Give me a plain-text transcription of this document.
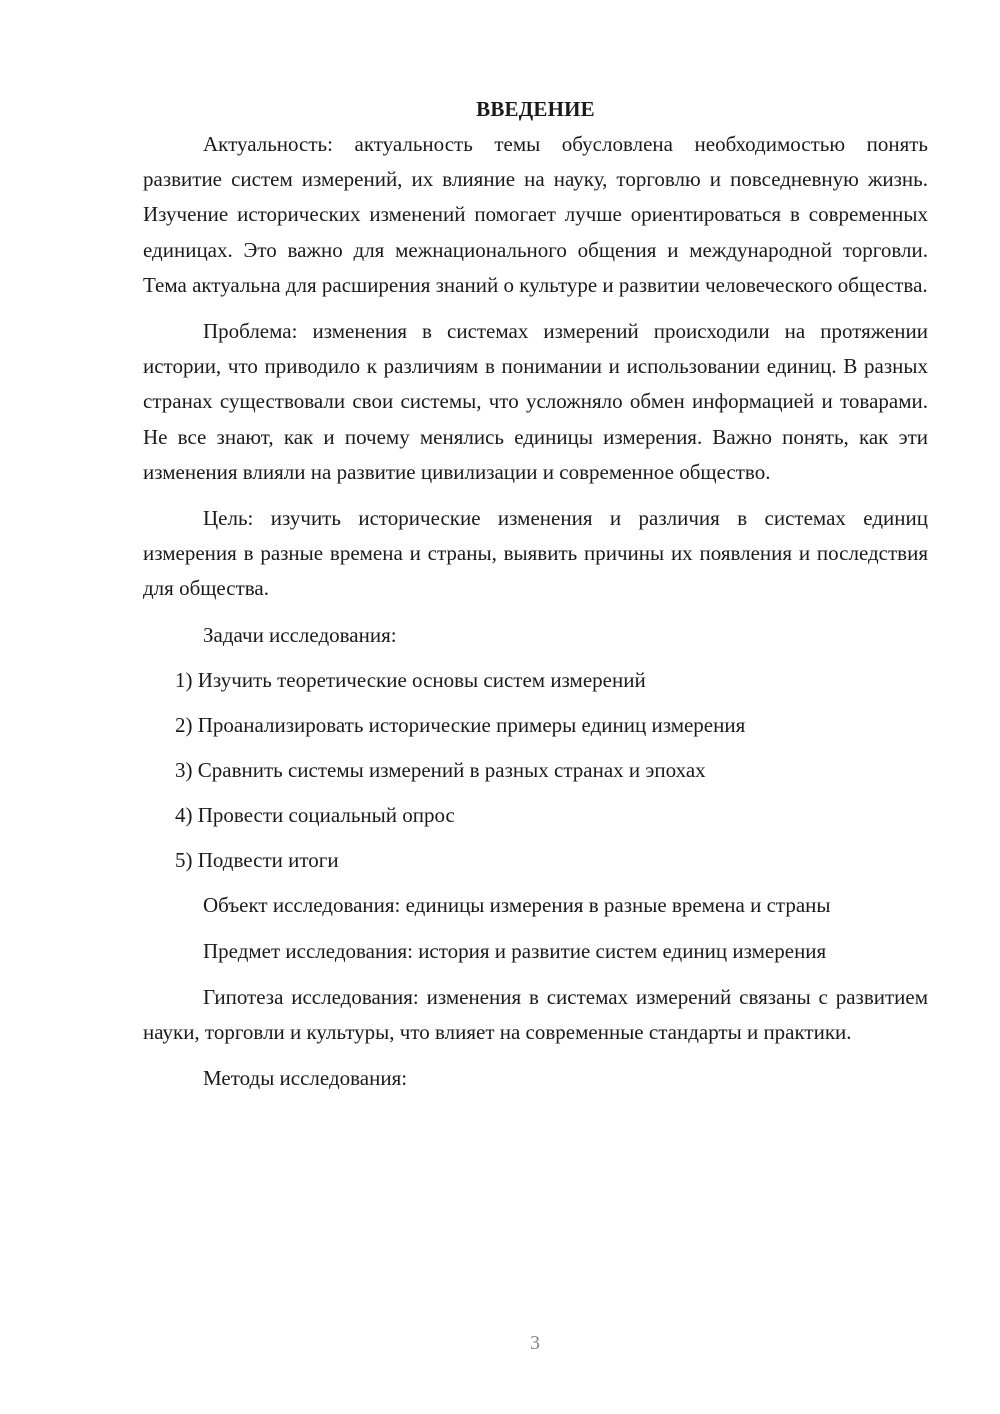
ВВЕДЕНИЕ

Актуальность: актуальность темы обусловлена необходимостью понять развитие систем измерений, их влияние на науку, торговлю и повседневную жизнь. Изучение исторических изменений помогает лучше ориентироваться в современных единицах. Это важно для межнационального общения и международной торговли. Тема актуальна для расширения знаний о культуре и развитии человеческого общества.

Проблема: изменения в системах измерений происходили на протяжении истории, что приводило к различиям в понимании и использовании единиц. В разных странах существовали свои системы, что усложняло обмен информацией и товарами. Не все знают, как и почему менялись единицы измерения. Важно понять, как эти изменения влияли на развитие цивилизации и современное общество.

Цель: изучить исторические изменения и различия в системах единиц измерения в разные времена и страны, выявить причины их появления и последствия для общества.

Задачи исследования:
1) Изучить теоретические основы систем измерений
2) Проанализировать исторические примеры единиц измерения
3) Сравнить системы измерений в разных странах и эпохах
4) Провести социальный опрос
5) Подвести итоги

Объект исследования: единицы измерения в разные времена и страны

Предмет исследования: история и развитие систем единиц измерения

Гипотеза исследования: изменения в системах измерений связаны с развитием науки, торговли и культуры, что влияет на современные стандарты и практики.

Методы исследования:
3
